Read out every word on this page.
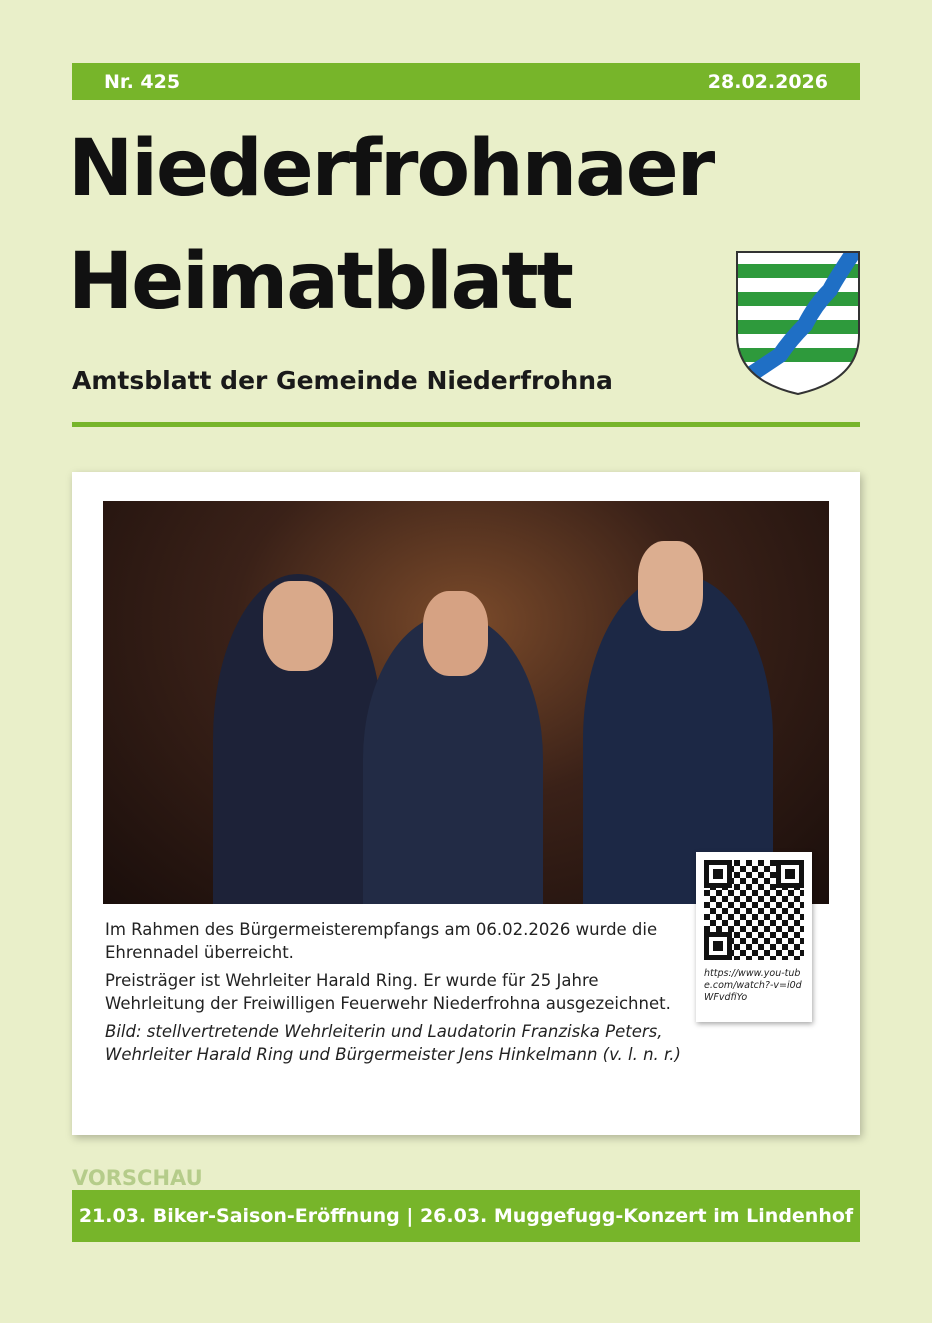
Nr. 425	28.02.2026
Niederfrohnaer
Heimatblatt
Amtsblatt der Gemeinde Niederfrohna

Im Rahmen des Bürgermeisterempfangs am 06.02.2026 wurde die Ehrennadel überreicht.

Preisträger ist Wehrleiter Harald Ring. Er wurde für 25 Jahre Wehrleitung der Freiwilligen Feuerwehr Niederfrohna ausgezeichnet.

Bild: stellvertretende Wehrleiterin und Laudatorin Franziska Peters, Wehrleiter Harald Ring und Bürgermeister Jens Hinkelmann (v. l. n. r.)

https://www.you-tube.com/watch?-v=i0dWFvdfiYo
VORSCHAU
21.03. Biker-Saison-Eröffnung | 26.03. Muggefugg-Konzert im Lindenhof
